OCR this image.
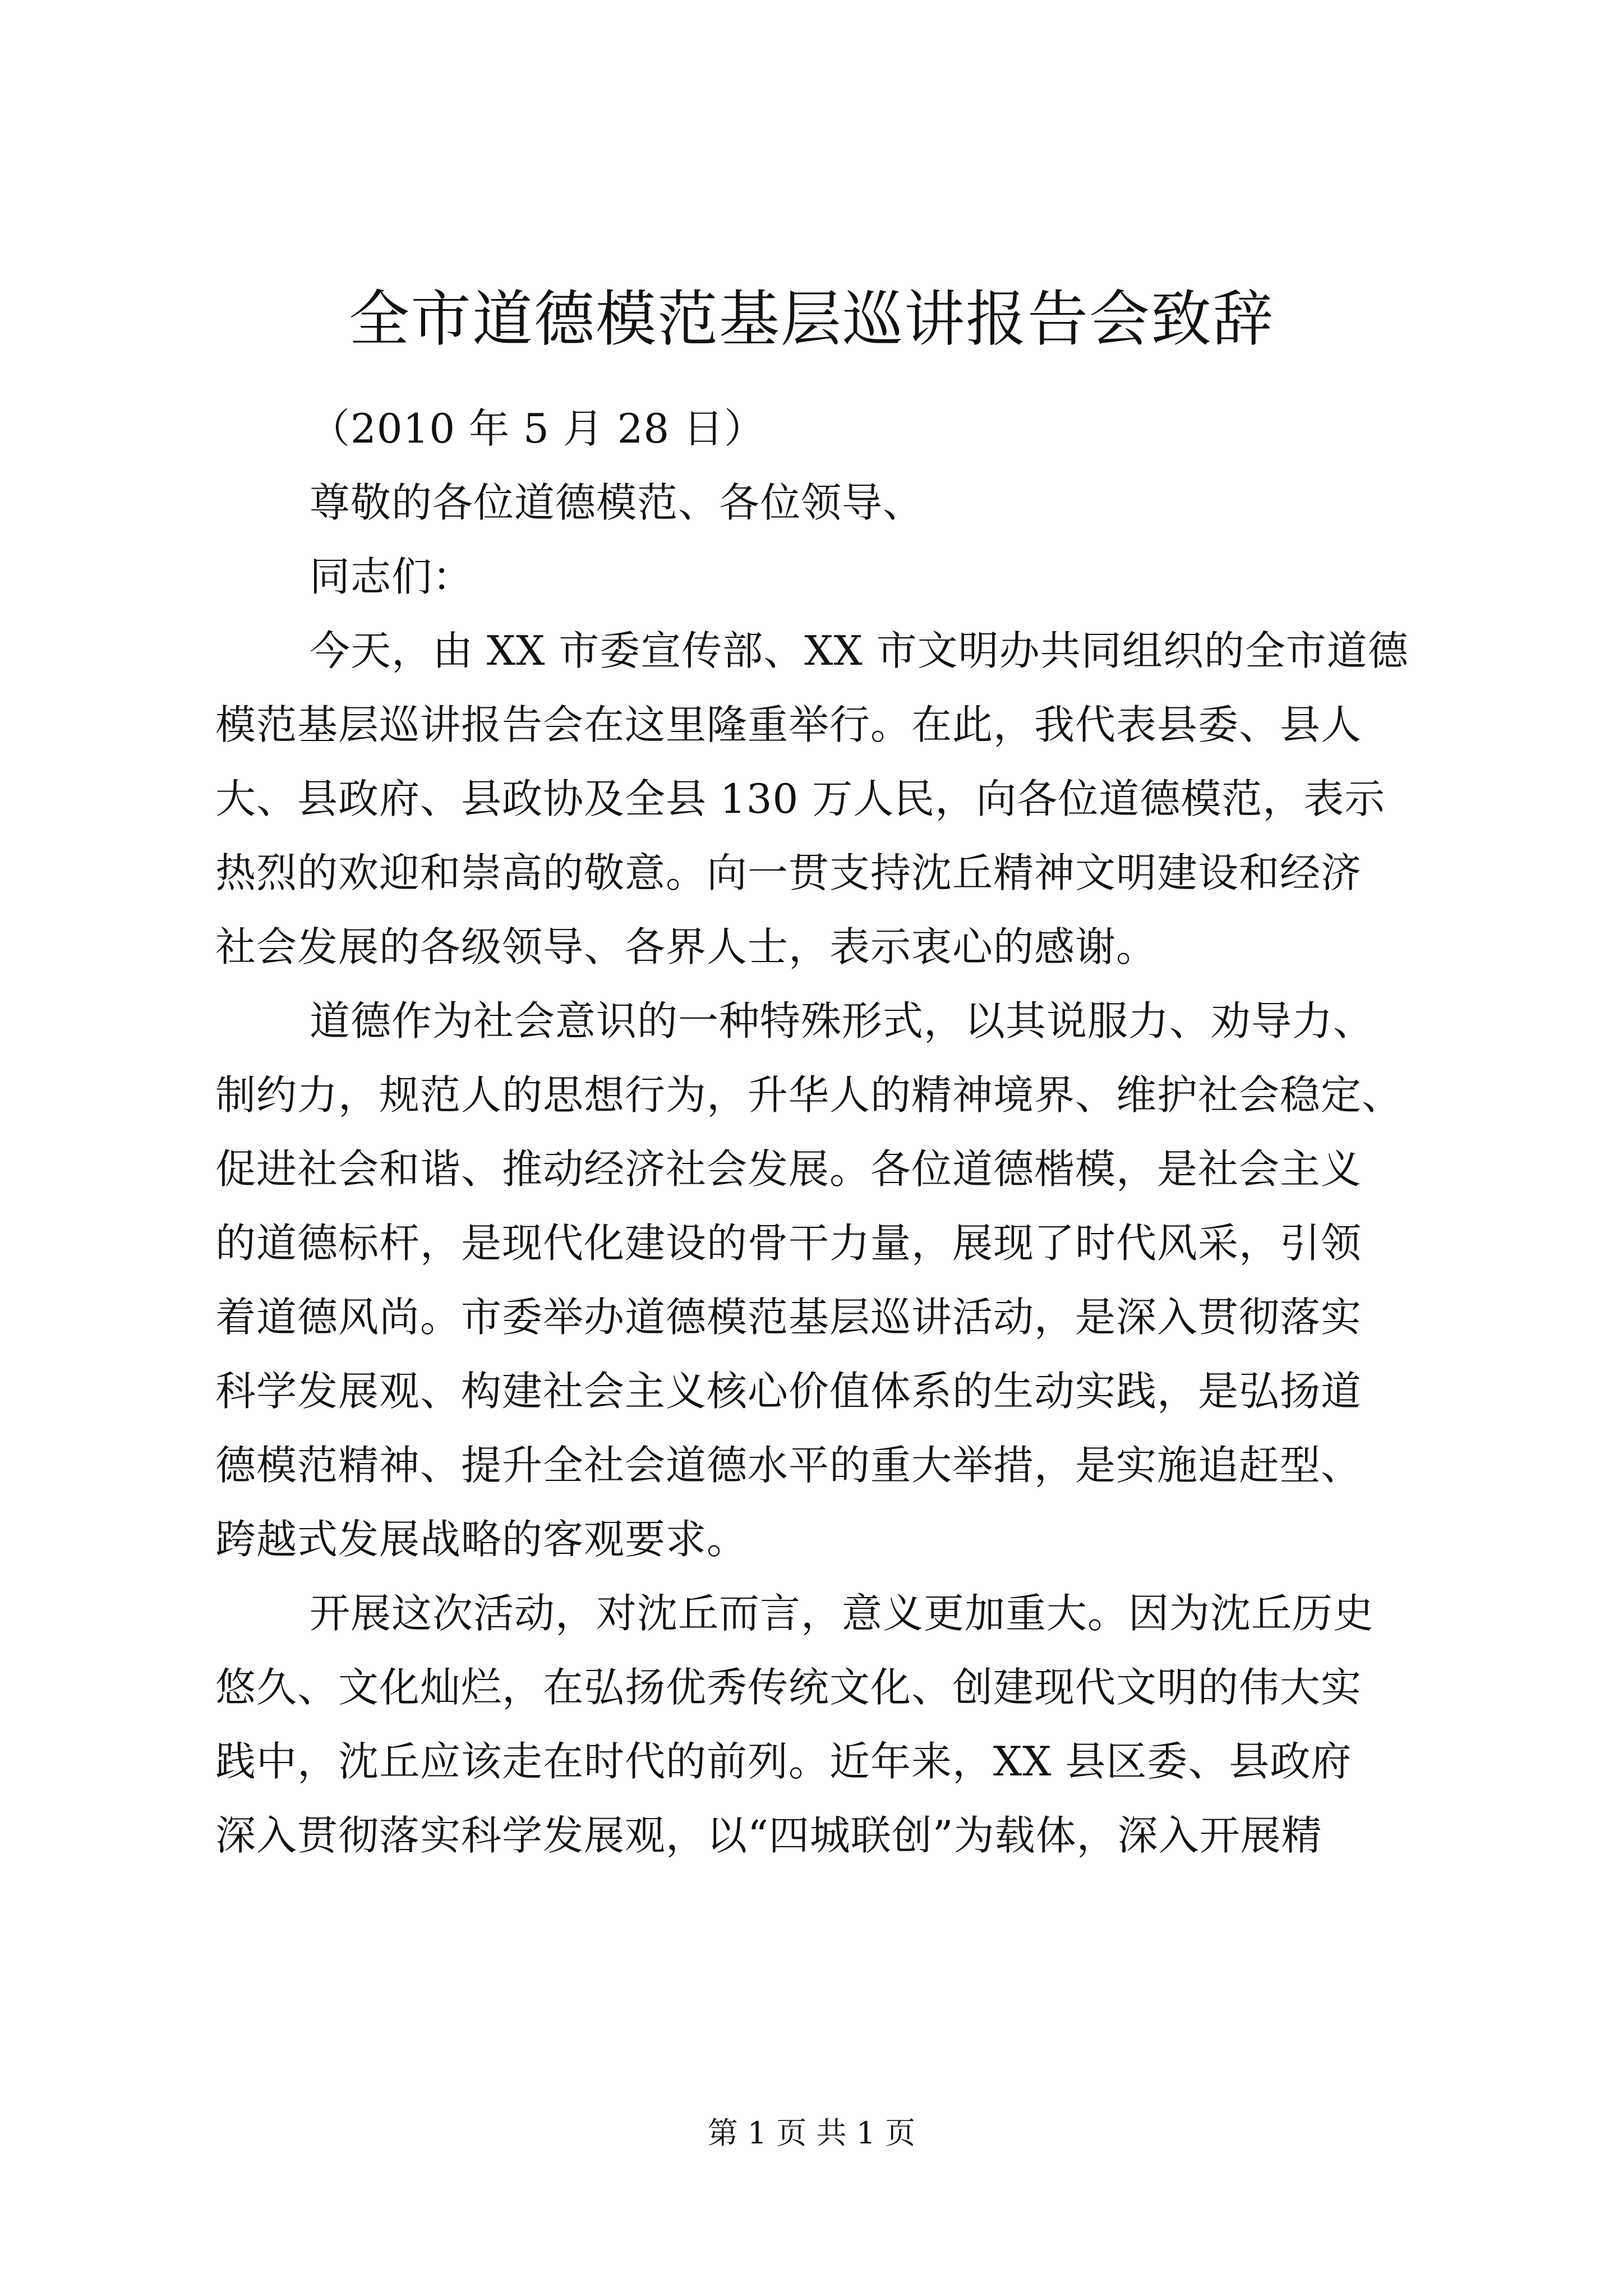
全市道德模范基层巡讲报告会致辞

（2010 年 5 月 28 日）

尊敬的各位道德模范、各位领导、

同志们：

今天，由 XX 市委宣传部、XX 市文明办共同组织的全市道德

模范基层巡讲报告会在这里隆重举行。在此，我代表县委、县人

大、县政府、县政协及全县 130 万人民，向各位道德模范，表示

热烈的欢迎和崇高的敬意。向一贯支持沈丘精神文明建设和经济

社会发展的各级领导、各界人士，表示衷心的感谢。

道德作为社会意识的一种特殊形式，以其说服力、劝导力、

制约力，规范人的思想行为，升华人的精神境界、维护社会稳定、

促进社会和谐、推动经济社会发展。各位道德楷模，是社会主义

的道德标杆，是现代化建设的骨干力量，展现了时代风采，引领

着道德风尚。市委举办道德模范基层巡讲活动，是深入贯彻落实

科学发展观、构建社会主义核心价值体系的生动实践，是弘扬道

德模范精神、提升全社会道德水平的重大举措，是实施追赶型、

跨越式发展战略的客观要求。

开展这次活动，对沈丘而言，意义更加重大。因为沈丘历史

悠久、文化灿烂，在弘扬优秀传统文化、创建现代文明的伟大实

践中，沈丘应该走在时代的前列。近年来，XX 县区委、县政府

深入贯彻落实科学发展观，以“四城联创”为载体，深入开展精

第 1 页 共 1 页
